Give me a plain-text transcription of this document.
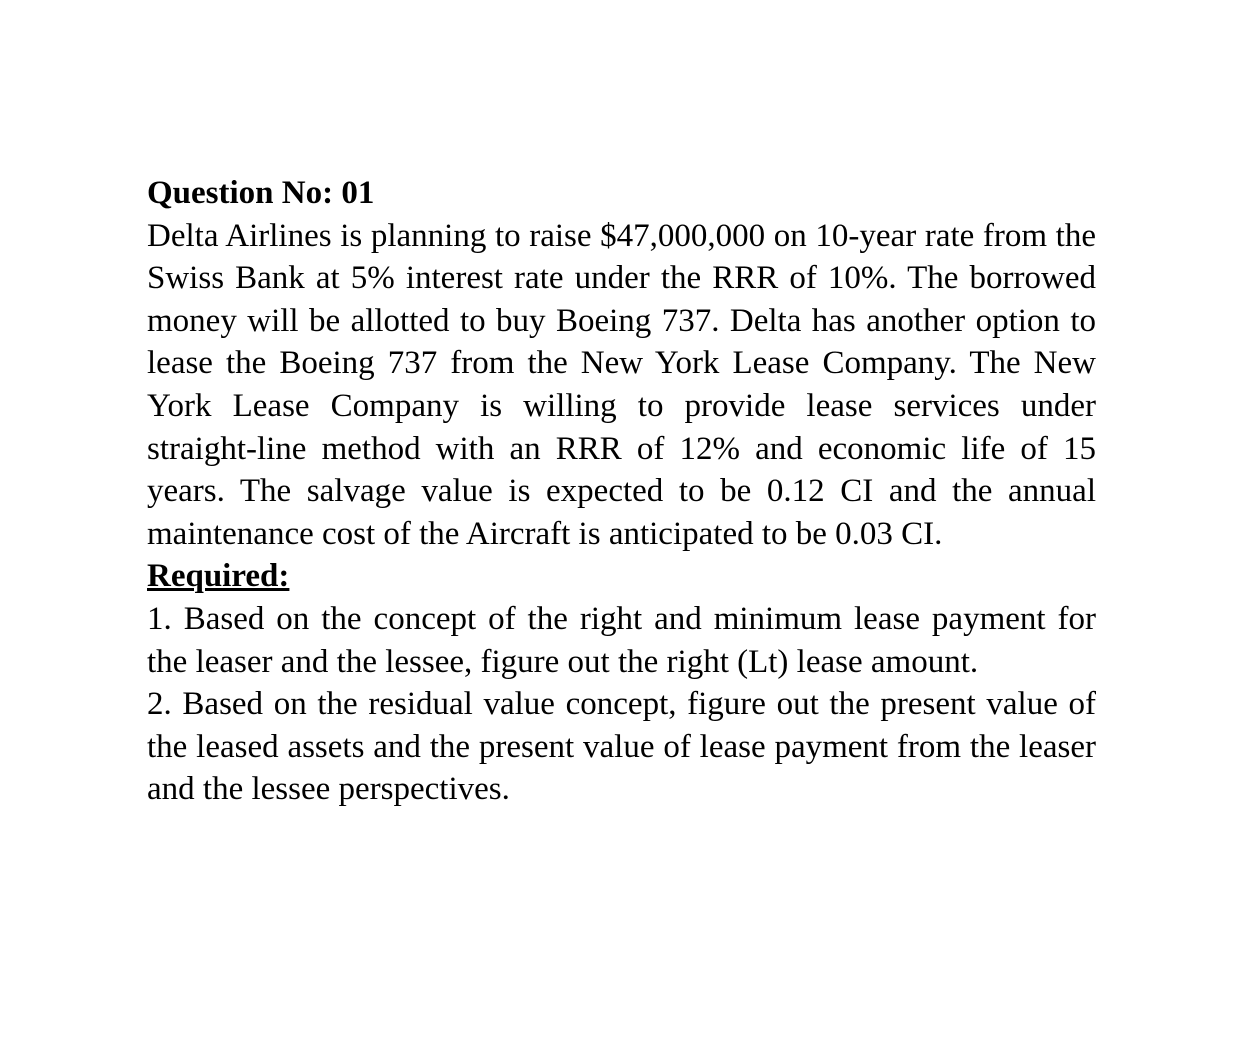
Question No: 01

Delta Airlines is planning to raise $47,000,000 on 10-year rate from the Swiss Bank at 5% interest rate under the RRR of 10%. The borrowed money will be allotted to buy Boeing 737. Delta has another option to lease the Boeing 737 from the New York Lease Company. The New York Lease Company is willing to provide lease services under straight-line method with an RRR of 12% and economic life of 15 years. The salvage value is expected to be 0.12 CI and the annual maintenance cost of the Aircraft is anticipated to be 0.03 CI.

Required:

1. Based on the concept of the right and minimum lease payment for the leaser and the lessee, figure out the right (Lt) lease amount.

2. Based on the residual value concept, figure out the present value of the leased assets and the present value of lease payment from the leaser and the lessee perspectives.
